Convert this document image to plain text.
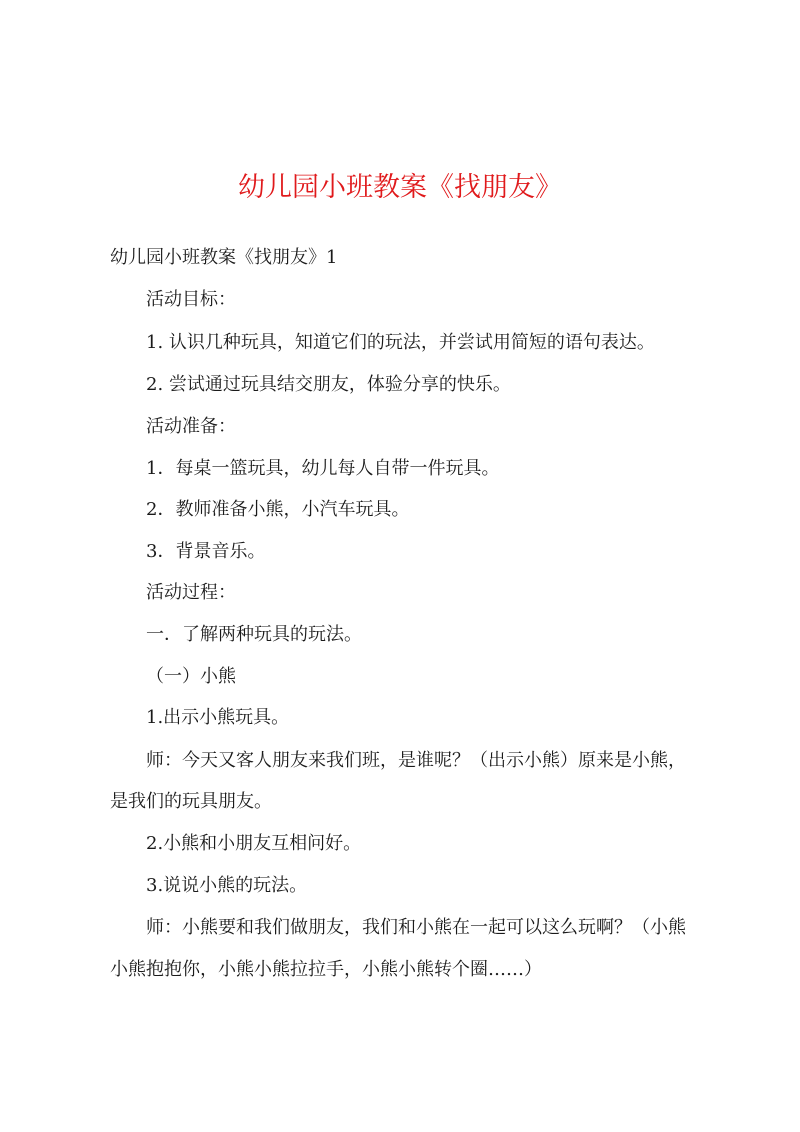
幼儿园小班教案《找朋友》

幼儿园小班教案《找朋友》1

活动目标：

1. 认识几种玩具，知道它们的玩法，并尝试用简短的语句表达。

2. 尝试通过玩具结交朋友，体验分享的快乐。

活动准备：

1．每桌一篮玩具，幼儿每人自带一件玩具。

2．教师准备小熊，小汽车玩具。

3．背景音乐。

活动过程：

一．了解两种玩具的玩法。

（一）小熊

1.出示小熊玩具。

师：今天又客人朋友来我们班，是谁呢？（出示小熊）原来是小熊，

是我们的玩具朋友。

2.小熊和小朋友互相问好。

3.说说小熊的玩法。

师：小熊要和我们做朋友，我们和小熊在一起可以这么玩啊？（小熊

小熊抱抱你，小熊小熊拉拉手，小熊小熊转个圈……）
